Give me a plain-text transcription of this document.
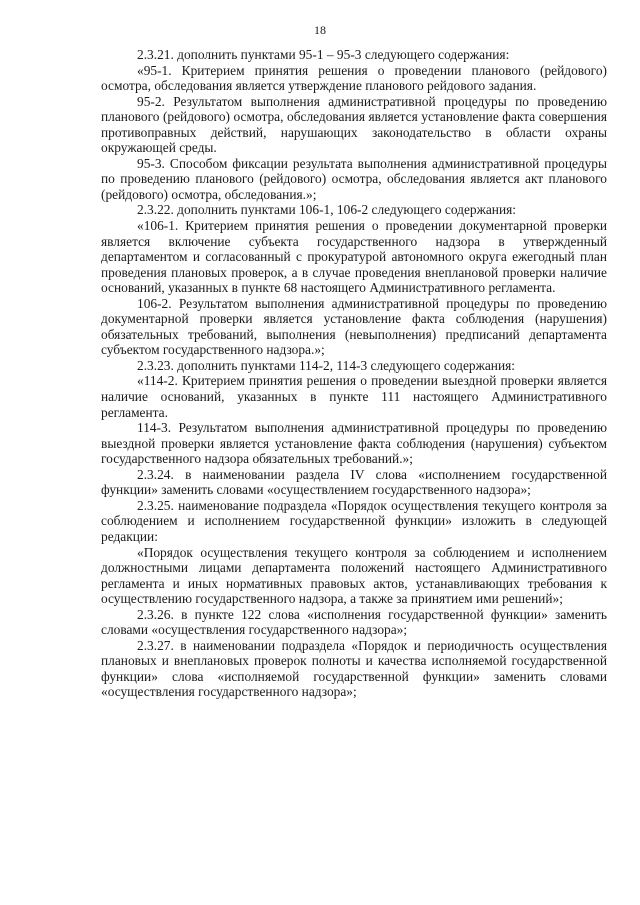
18

2.3.21. дополнить пунктами 95-1 – 95-3 следующего содержания:

«95-1. Критерием принятия решения о проведении планового (рейдового) осмотра, обследования является утверждение планового рейдового задания.

95-2. Результатом выполнения административной процедуры по проведению планового (рейдового) осмотра, обследования является установление факта совершения противоправных действий, нарушающих законодательство в области охраны окружающей среды.

95-3. Способом фиксации результата выполнения административной процедуры по проведению планового (рейдового) осмотра, обследования является акт планового (рейдового) осмотра, обследования.»;

2.3.22. дополнить пунктами 106-1, 106-2 следующего содержания:

«106-1. Критерием принятия решения о проведении документарной проверки является включение субъекта государственного надзора в утвержденный департаментом и согласованный с прокуратурой автономного округа ежегодный план проведения плановых проверок, а в случае проведения внеплановой проверки наличие оснований, указанных в пункте 68 настоящего Административного регламента.

106-2. Результатом выполнения административной процедуры по проведению документарной проверки является установление факта соблюдения (нарушения) обязательных требований, выполнения (невыполнения) предписаний департамента субъектом государственного надзора.»;

2.3.23. дополнить пунктами 114-2, 114-3 следующего содержания:

«114-2. Критерием принятия решения о проведении выездной проверки является наличие оснований, указанных в пункте 111 настоящего Административного регламента.

114-3. Результатом выполнения административной процедуры по проведению выездной проверки является установление факта соблюдения (нарушения) субъектом государственного надзора обязательных требований.»;

2.3.24. в наименовании раздела IV слова «исполнением государственной функции» заменить словами «осуществлением государственного надзора»;

2.3.25. наименование подраздела «Порядок осуществления текущего контроля за соблюдением и исполнением государственной функции» изложить в следующей редакции:

«Порядок осуществления текущего контроля за соблюдением и исполнением должностными лицами департамента положений настоящего Административного регламента и иных нормативных правовых актов, устанавливающих требования к осуществлению государственного надзора, а также за принятием ими решений»;

2.3.26. в пункте 122 слова «исполнения государственной функции» заменить словами «осуществления государственного надзора»;

2.3.27. в наименовании подраздела «Порядок и периодичность осуществления плановых и внеплановых проверок полноты и качества исполняемой государственной функции» слова «исполняемой государственной функции» заменить словами «осуществления государственного надзора»;
